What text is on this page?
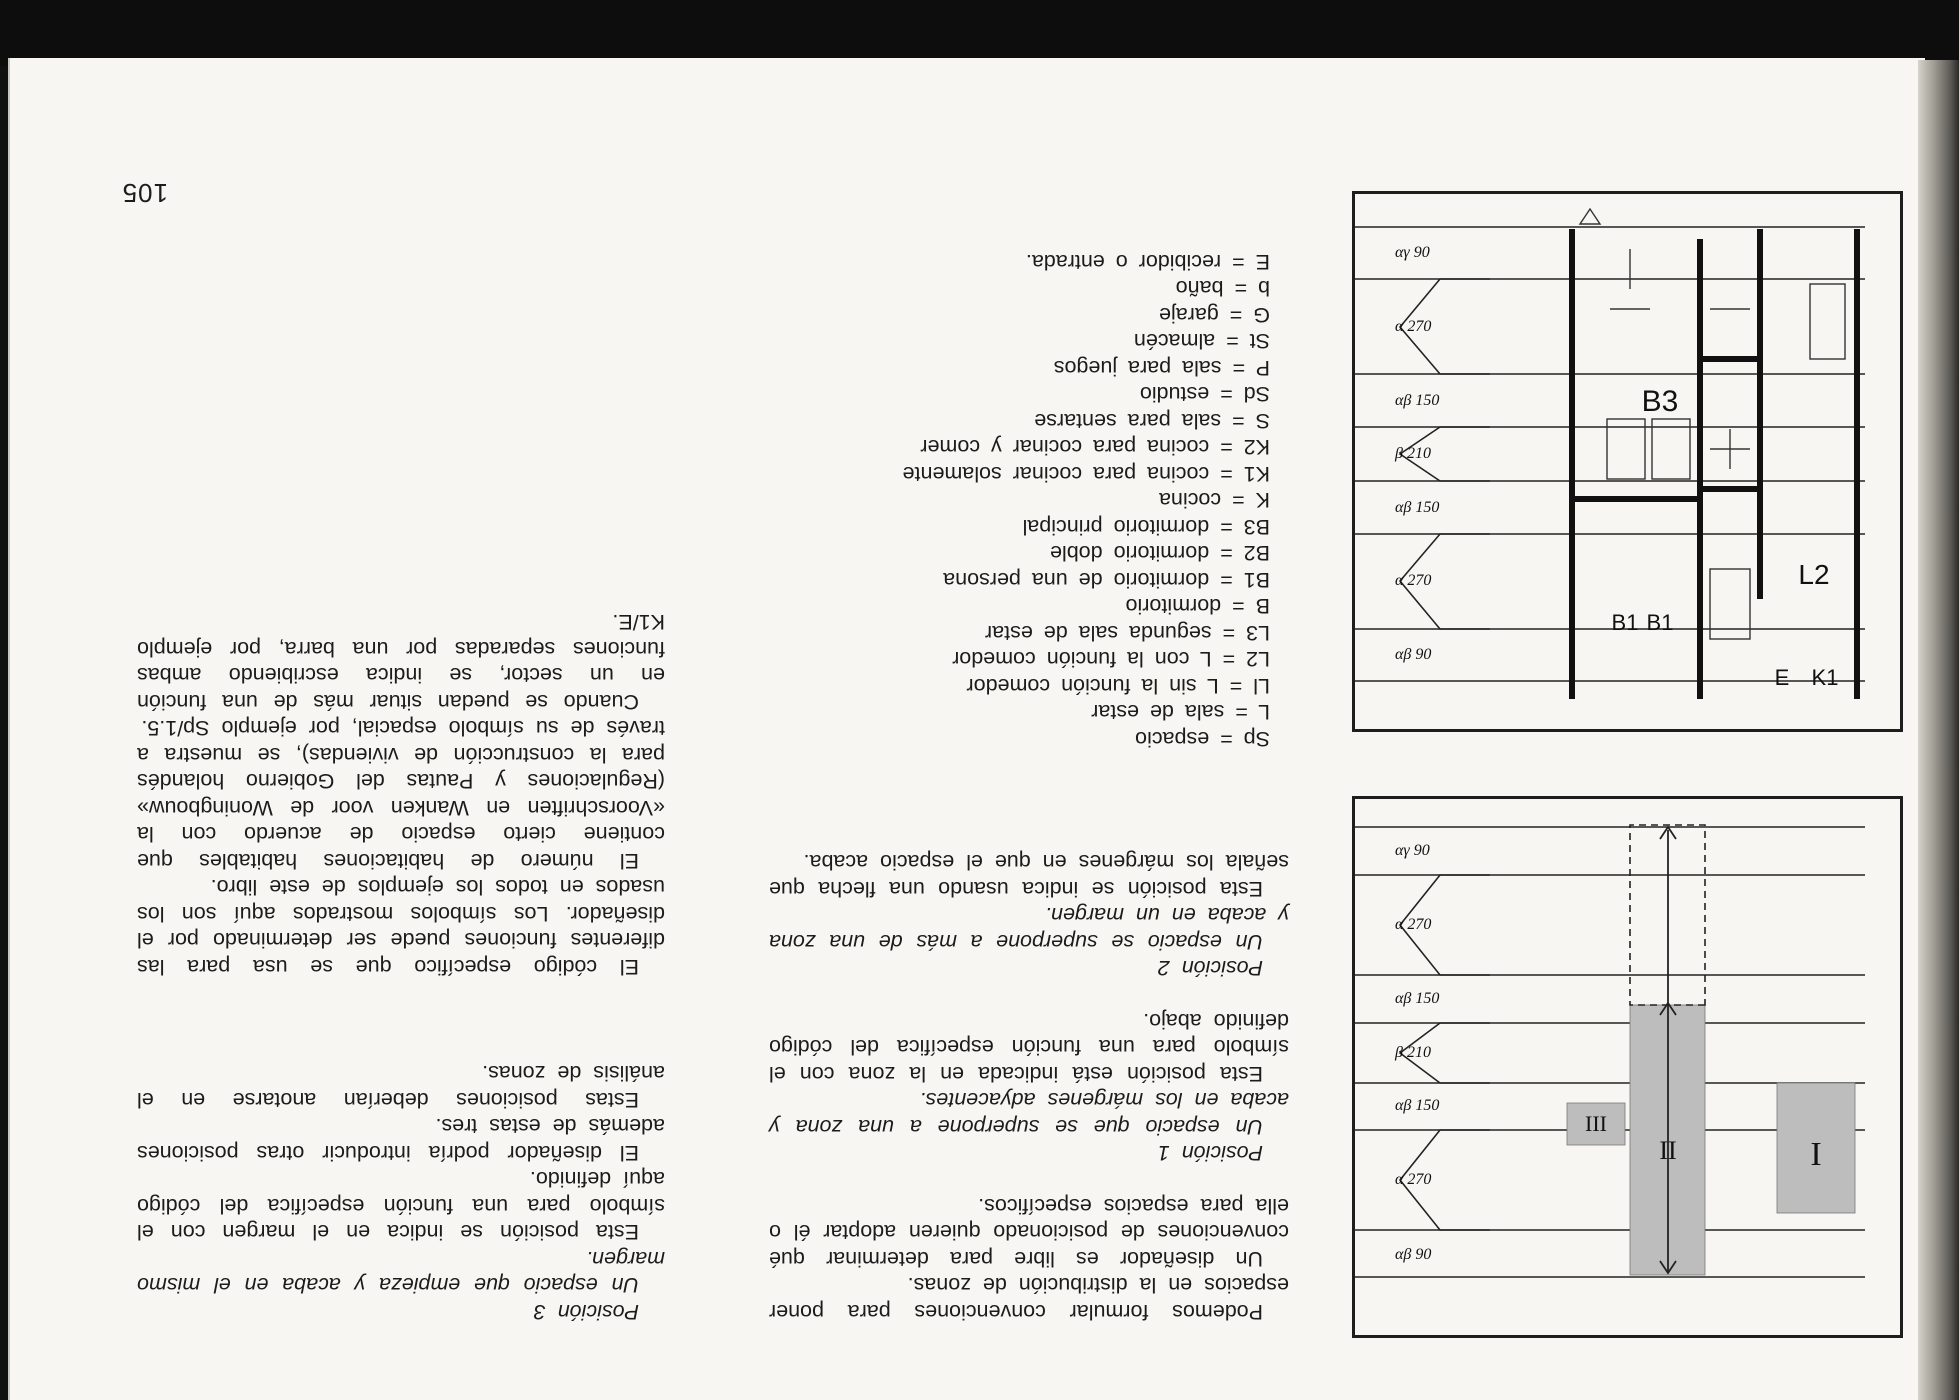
105

Podemos formular convenciones para poner espacios en la distribución de zonas.

Un diseñador es libre para determinar qué convenciones de posicionado quieren adoptar él o ella para espacios específicos.

Posición 1

Un espacio que se superpone a una zona y acaba en los márgenes adyacentes.

Esta posición está indicada en la zona con el símbolo para una función específica del código definido abajo.

Posición 2

Un espacio se superpone a más de una zona y acaba en un margen.

Esta posición se indica usando una flecha que señala los márgenes en que el espacio acaba.

Sp = espacio
L = sala de estar
Ll = L sin la función comedor
L2 = L con la función comedor
L3 = segunda sala de estar
B = dormitorio
B1 = dormitorio de una persona
B2 = dormitorio doble
B3 = dormitorio principal
K = cocina
K1 = cocina para cocinar solamente
K2 = cocina para cocinar y comer
S = sala para sentarse
Sd = estudio
P = sala para juegos
St = almacén
G = garaje
b = baño
E = recibidor o entrada.

Posición 3

Un espacio que empieza y acaba en el mismo margen.

Esta posición se indica en el margen con el símbolo para una función específica del código aquí definido.

El diseñador podría introducir otras posiciones además de estas tres.

Estas posiciones deberían anotarse en el análisis de zonas.

El código específico que se usa para las diferentes funciones puede ser determinado por el diseñador. Los símbolos mostrados aquí son los usados en todos los ejemplos de este libro.

El número de habitaciones habitables que contiene cierto espacio de acuerdo con la «Voorschriften en Wanken voor de Woningbouw» (Regulaciones y Pautas del Gobierno holandés para la construcción de viviendas), se muestra a través de su símbolo espacial, por ejemplo Sp/1.5.

Cuando se puedan situar más de una función en un sector, se indica escribiendo ambas funciones separadas por una barra, por ejemplo K1/E.

I
II
III
αβ 90
α 270
αβ 150
β 210
αβ 150
α 270
αγ 90
B3
L2
B1
B1
E K1
αβ 90
α 270
αβ 150
β 210
αβ 150
α 270
αγ 90
